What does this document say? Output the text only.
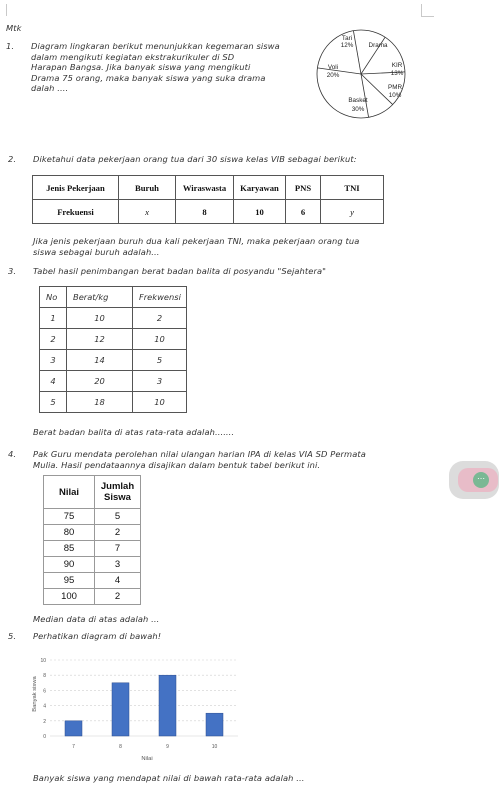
Mtk
1. Diagram lingkaran berikut menunjukkan kegemaran siswa
dalam mengikuti kegiatan ekstrakurikuler di SD
Harapan Bangsa. Jika banyak siswa yang mengikuti
Drama 75 orang, maka banyak siswa yang suka drama
dalah ....
Tari
12% Drama
KIR
13%
PMR
10%
Basket
30%
Voli
20%
2. Diketahui data pekerjaan orang tua dari 30 siswa kelas VIB sebagai berikut:
Jenis Pekerjaan	Buruh	Wiraswasta	Karyawan	PNS	TNI
Frekuensi	x	8	10	6	y
Jika jenis pekerjaan buruh dua kali pekerjaan TNI, maka pekerjaan orang tua
siswa sebagai buruh adalah...
3. Tabel hasil penimbangan berat badan balita di posyandu "Sejahtera"
No	Berat/kg	Frekwensi
1	10	2
2	12	10
3	14	5
4	20	3
5	18	10
Berat badan balita di atas rata-rata adalah.......
4. Pak Guru mendata perolehan nilai ulangan harian IPA di kelas VIA SD Permata
Mulia. Hasil pendataannya disajikan dalam bentuk tabel berikut ini.
Nilai	Jumlah Siswa
75	5
80	2
85	7
90	3
95	4
100	2
Median data di atas adalah ...
5. Perhatikan diagram di bawah!
0
2
4
6
8
10
7	8	9	10
Banyak siswa
Nilai
Banyak siswa yang mendapat nilai di bawah rata-rata adalah ...
⋯
